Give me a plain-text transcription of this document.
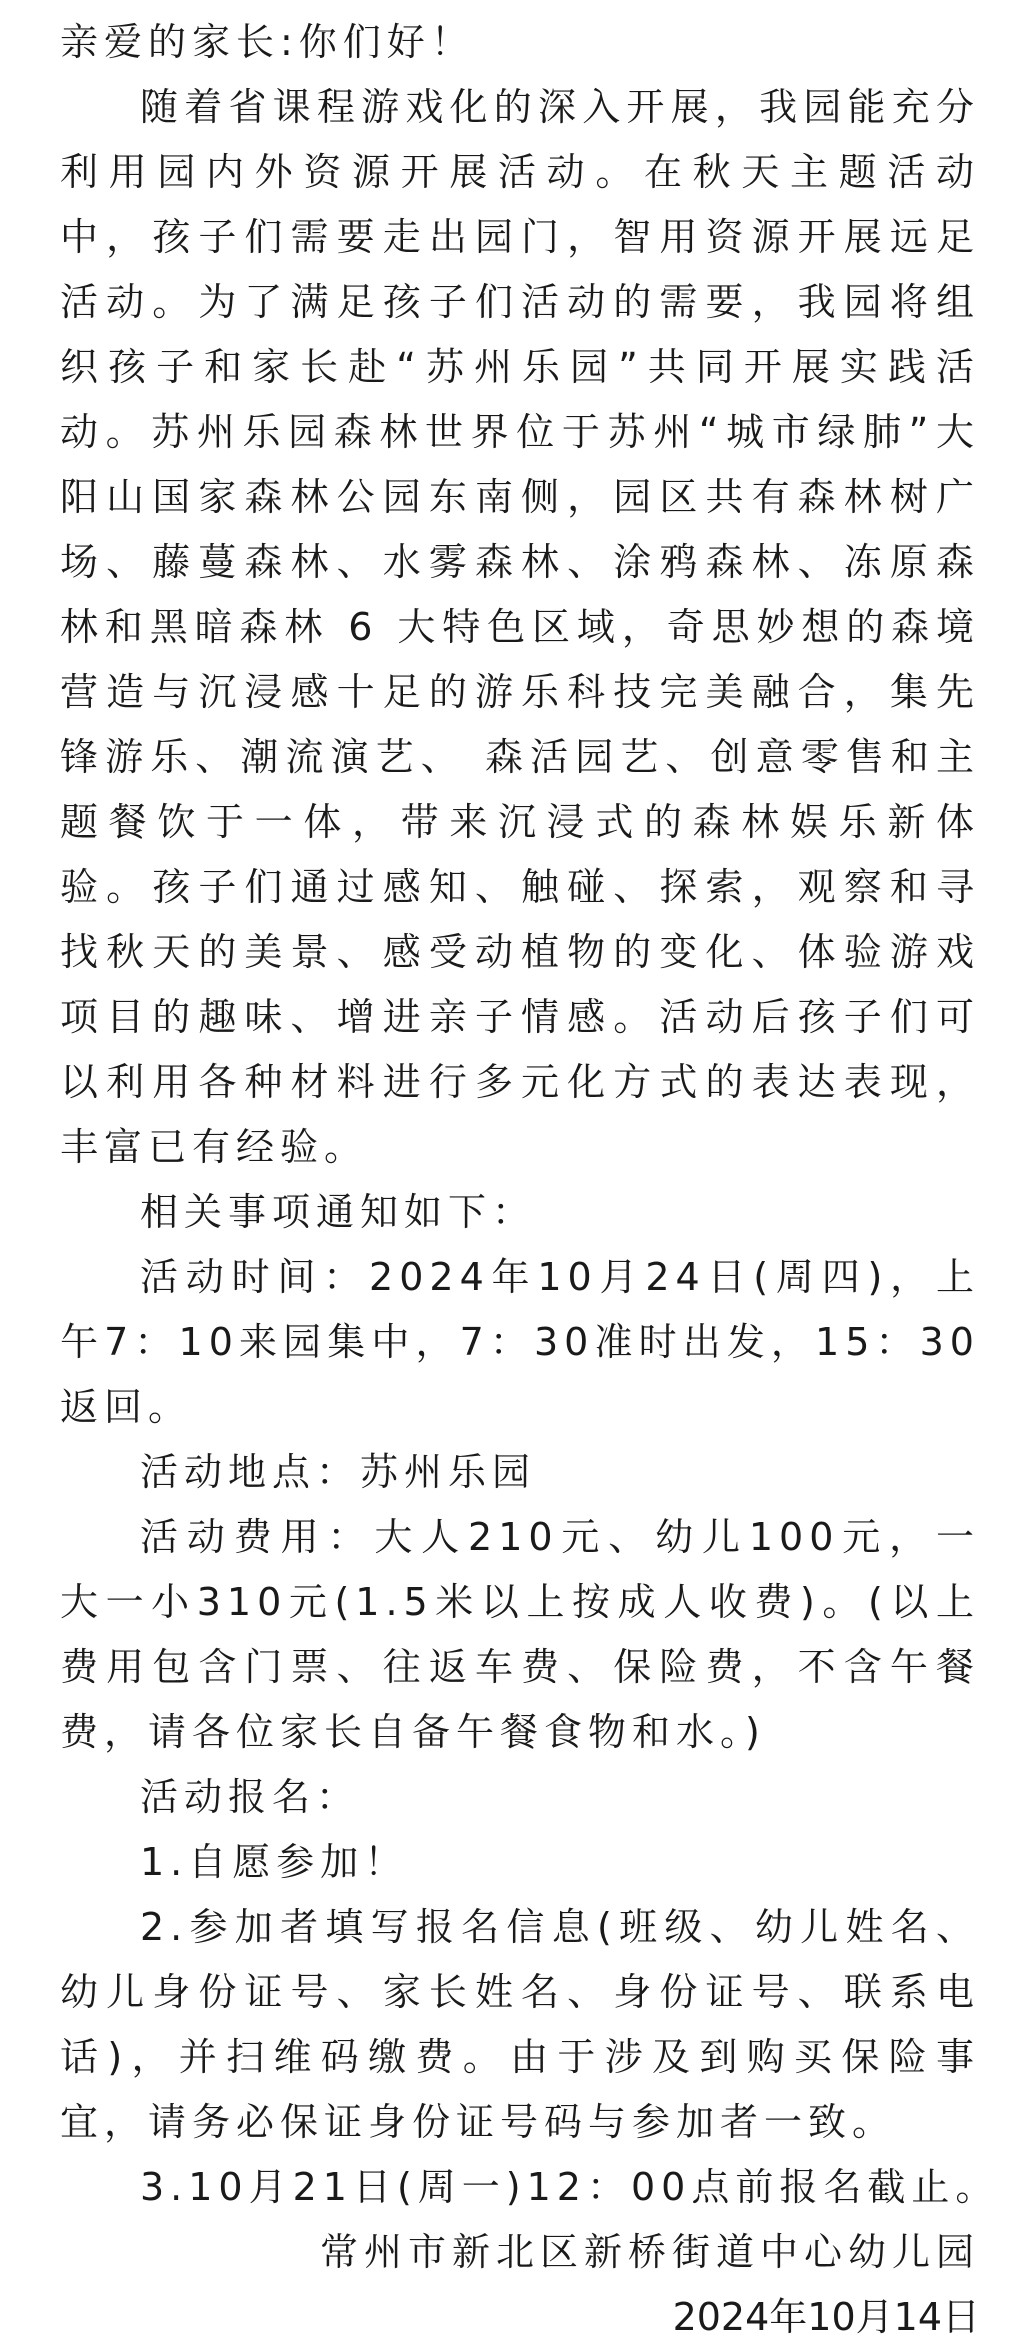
亲爱的家长:你们好！

随着省课程游戏化的深入开展，我园能充分利用园内外资源开展活动。在秋天主题活动中，孩子们需要走出园门，智用资源开展远足活动。为了满足孩子们活动的需要，我园将组织孩子和家长赴“苏州乐园”共同开展实践活动。苏州乐园森林世界位于苏州“城市绿肺”大阳山国家森林公园东南侧，园区共有森林树广场、藤蔓森林、水雾森林、涂鸦森林、冻原森林和黑暗森林 6 大特色区域，奇思妙想的森境营造与沉浸感十足的游乐科技完美融合，集先锋游乐、潮流演艺、 森活园艺、创意零售和主题餐饮于一体，带来沉浸式的森林娱乐新体验。孩子们通过感知、触碰、探索，观察和寻找秋天的美景、感受动植物的变化、体验游戏项目的趣味、增进亲子情感。活动后孩子们可以利用各种材料进行多元化方式的表达表现，丰富已有经验。

相关事项通知如下：

活动时间：2024年10月24日(周四)，上午7：10来园集中，7：30准时出发，15：30返回。

活动地点：苏州乐园

活动费用：大人210元、幼儿100元，一大一小310元(1.5米以上按成人收费)。(以上费用包含门票、往返车费、保险费，不含午餐费，请各位家长自备午餐食物和水。)

活动报名：

1.自愿参加！

2.参加者填写报名信息(班级、幼儿姓名、幼儿身份证号、家长姓名、身份证号、联系电话)，并扫维码缴费。由于涉及到购买保险事宜，请务必保证身份证号码与参加者一致。

3.10月21日(周一)12：00点前报名截止。

常州市新北区新桥街道中心幼儿园

2024年10月14日
